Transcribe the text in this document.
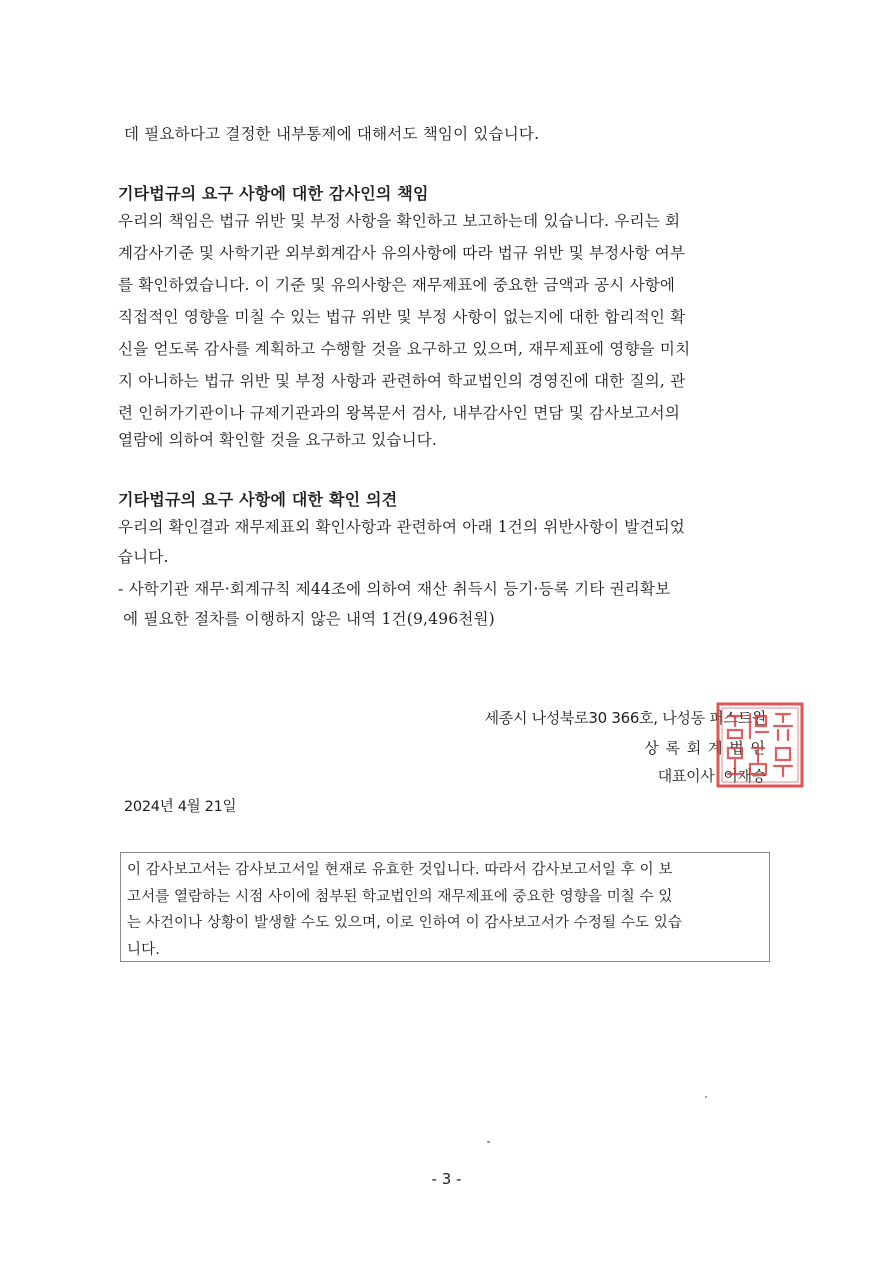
데 필요하다고 결정한 내부통제에 대해서도 책임이 있습니다.
기타법규의 요구 사항에 대한 감사인의 책임
우리의 책임은 법규 위반 및 부정 사항을 확인하고 보고하는데 있습니다. 우리는 회
계감사기준 및 사학기관 외부회계감사 유의사항에 따라 법규 위반 및 부정사항 여부
를 확인하였습니다. 이 기준 및 유의사항은 재무제표에 중요한 금액과 공시 사항에
직접적인 영향을 미칠 수 있는 법규 위반 및 부정 사항이 없는지에 대한 합리적인 확
신을 얻도록 감사를 계획하고 수행할 것을 요구하고 있으며, 재무제표에 영향을 미치
지 아니하는 법규 위반 및 부정 사항과 관련하여 학교법인의 경영진에 대한 질의, 관
련 인허가기관이나 규제기관과의 왕복문서 검사, 내부감사인 면담 및 감사보고서의
열람에 의하여 확인할 것을 요구하고 있습니다.
기타법규의 요구 사항에 대한 확인 의견
우리의 확인결과 재무제표외 확인사항과 관련하여 아래 1건의 위반사항이 발견되었
습니다.
- 사학기관 재무·회계규칙 제44조에 의하여 재산 취득시 등기·등록 기타 권리확보
에 필요한 절차를 이행하지 않은 내역 1건(9,496천원)
세종시 나성북로30 366호, 나성동 퍼스트원
상 록 회 계 법 인
대표이사  이재승
2024년 4월 21일
이 감사보고서는 감사보고서일 현재로 유효한 것입니다. 따라서 감사보고서일 후 이 보
고서를 열람하는 시점 사이에 첨부된 학교법인의 재무제표에 중요한 영향을 미칠 수 있
는 사건이나 상황이 발생할 수도 있으며, 이로 인하여 이 감사보고서가 수정될 수도 있습
니다.
- 3 -
